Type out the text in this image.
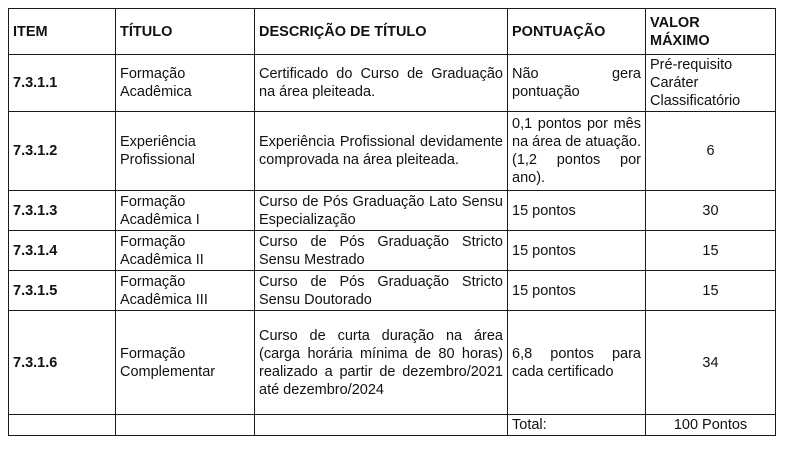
ITEM	TÍTULO	DESCRIÇÃO DE TÍTULO	PONTUAÇÃO	VALOR
MÁXIMO
7.3.1.1	Formação Acadêmica	Certificado do Curso de Graduação na área pleiteada.	Não gera pontuação	Pré-requisito
Caráter
Classificatório
7.3.1.2	Experiência Profissional	Experiência Profissional devidamente comprovada na área pleiteada.	0,1 pontos por mês na área de atuação. (1,2 pontos por ano).	6
7.3.1.3	Formação Acadêmica I	Curso de Pós Graduação Lato Sensu Especialização	15 pontos	30
7.3.1.4	Formação Acadêmica II	Curso de Pós Graduação Stricto Sensu Mestrado	15 pontos	15
7.3.1.5	Formação Acadêmica III	Curso de Pós Graduação Stricto Sensu Doutorado	15 pontos	15
7.3.1.6	Formação Complementar	Curso de curta duração na área (carga horária mínima de 80 horas) realizado a partir de dezembro/2021 até dezembro/2024	6,8 pontos para cada certificado	34
			Total:	100 Pontos
